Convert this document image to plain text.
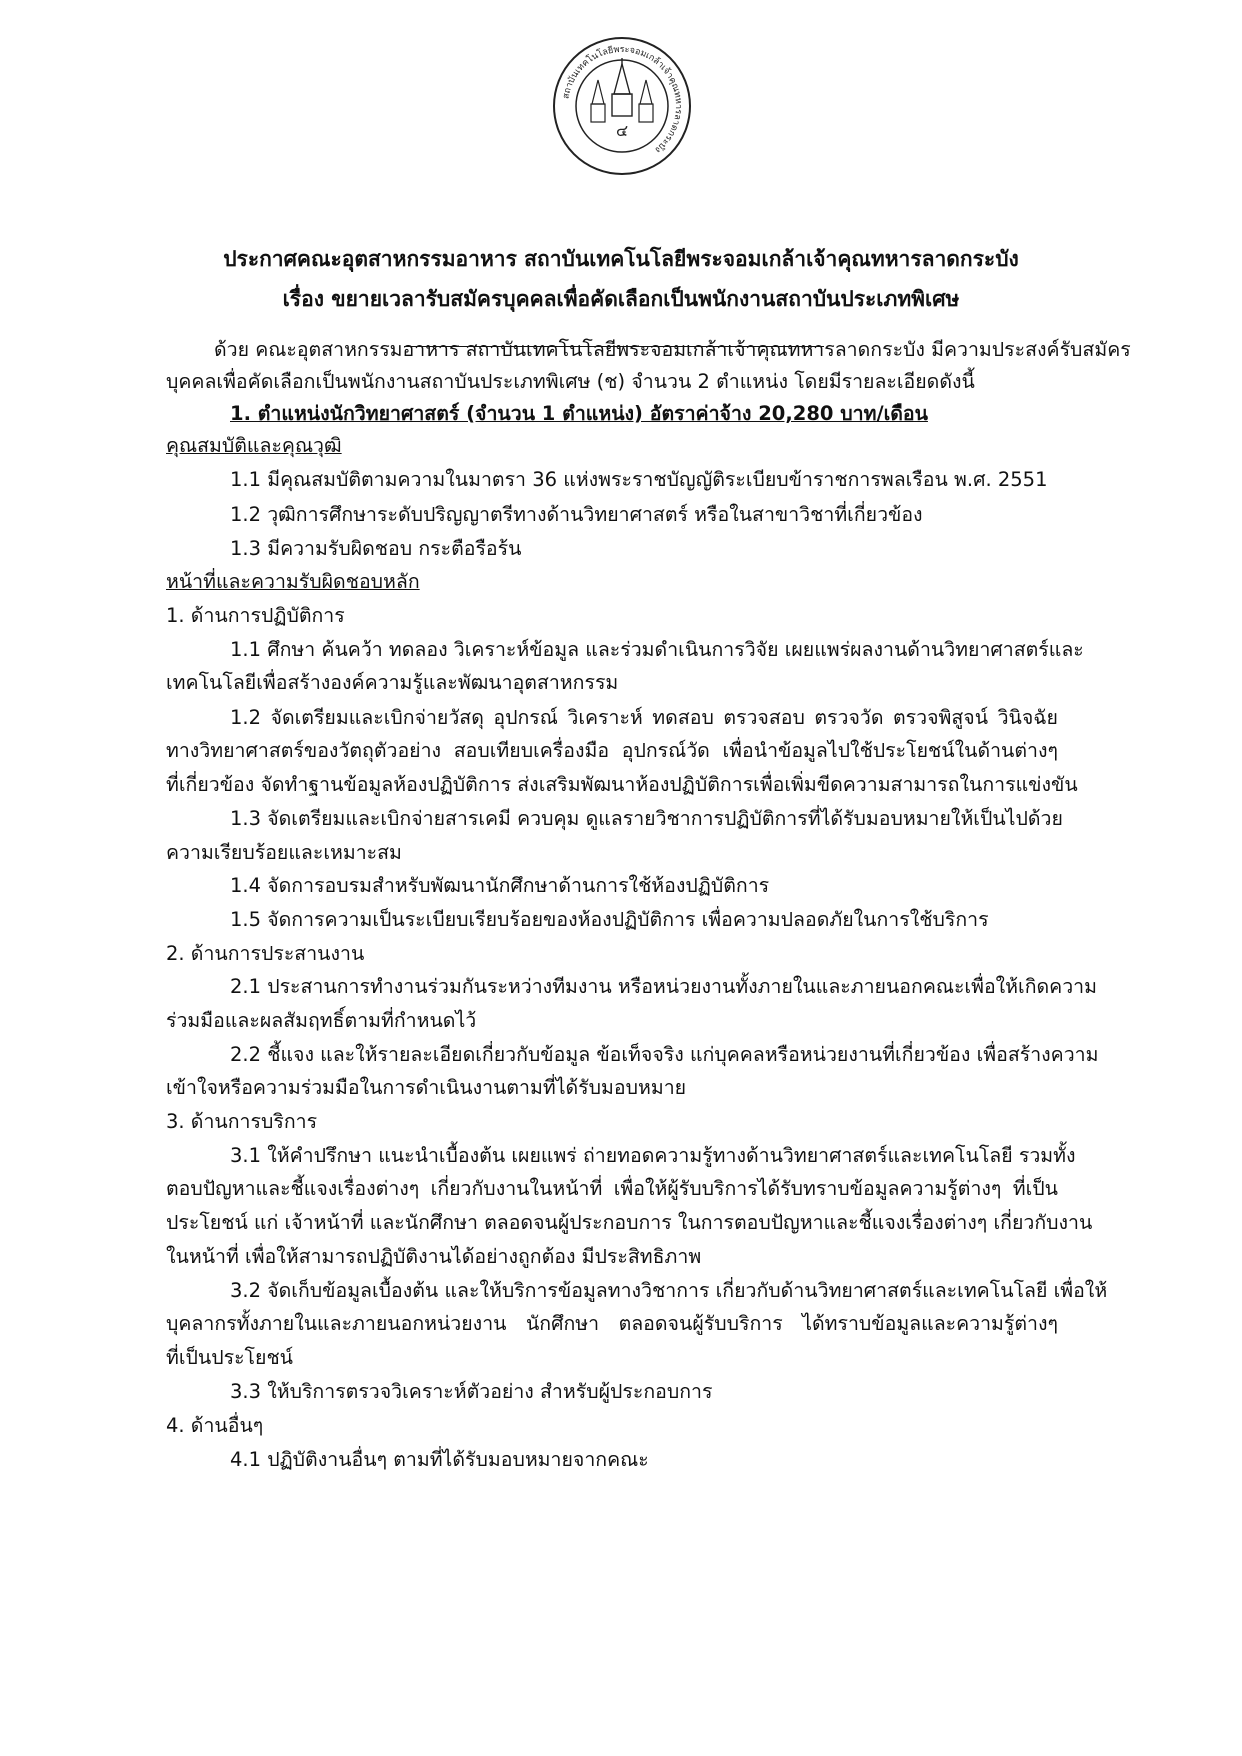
สถาบันเทคโนโลยีพระจอมเกล้าเจ้าคุณทหารลาดกระบัง
๔
ประกาศคณะอุตสาหกรรมอาหาร สถาบันเทคโนโลยีพระจอมเกล้าเจ้าคุณทหารลาดกระบัง
เรื่อง ขยายเวลารับสมัครบุคคลเพื่อคัดเลือกเป็นพนักงานสถาบันประเภทพิเศษ
ด้วย คณะอุตสาหกรรมอาหาร สถาบันเทคโนโลยีพระจอมเกล้าเจ้าคุณทหารลาดกระบัง มีความประสงค์รับสมัคร
บุคคลเพื่อคัดเลือกเป็นพนักงานสถาบันประเภทพิเศษ (ช) จำนวน 2 ตำแหน่ง โดยมีรายละเอียดดังนี้
1. ตำแหน่งนักวิทยาศาสตร์ (จำนวน 1 ตำแหน่ง) อัตราค่าจ้าง 20,280 บาท/เดือน
คุณสมบัติและคุณวุฒิ
1.1 มีคุณสมบัติตามความในมาตรา 36 แห่งพระราชบัญญัติระเบียบข้าราชการพลเรือน พ.ศ. 2551
1.2 วุฒิการศึกษาระดับปริญญาตรีทางด้านวิทยาศาสตร์ หรือในสาขาวิชาที่เกี่ยวข้อง
1.3 มีความรับผิดชอบ กระตือรือร้น
หน้าที่และความรับผิดชอบหลัก
1. ด้านการปฏิบัติการ
1.1 ศึกษา ค้นคว้า ทดลอง วิเคราะห์ข้อมูล และร่วมดำเนินการวิจัย เผยแพร่ผลงานด้านวิทยาศาสตร์และ
เทคโนโลยีเพื่อสร้างองค์ความรู้และพัฒนาอุตสาหกรรม
1.2 จัดเตรียมและเบิกจ่ายวัสดุ อุปกรณ์ วิเคราะห์ ทดสอบ ตรวจสอบ ตรวจวัด ตรวจพิสูจน์ วินิจฉัย
ทางวิทยาศาสตร์ของวัตถุตัวอย่าง สอบเทียบเครื่องมือ อุปกรณ์วัด เพื่อนำข้อมูลไปใช้ประโยชน์ในด้านต่างๆ
ที่เกี่ยวข้อง จัดทำฐานข้อมูลห้องปฏิบัติการ ส่งเสริมพัฒนาห้องปฏิบัติการเพื่อเพิ่มขีดความสามารถในการแข่งขัน
1.3 จัดเตรียมและเบิกจ่ายสารเคมี ควบคุม ดูแลรายวิชาการปฏิบัติการที่ได้รับมอบหมายให้เป็นไปด้วย
ความเรียบร้อยและเหมาะสม
1.4 จัดการอบรมสำหรับพัฒนานักศึกษาด้านการใช้ห้องปฏิบัติการ
1.5 จัดการความเป็นระเบียบเรียบร้อยของห้องปฏิบัติการ เพื่อความปลอดภัยในการใช้บริการ
2. ด้านการประสานงาน
2.1 ประสานการทำงานร่วมกันระหว่างทีมงาน หรือหน่วยงานทั้งภายในและภายนอกคณะเพื่อให้เกิดความ
ร่วมมือและผลสัมฤทธิ์ตามที่กำหนดไว้
2.2 ชี้แจง และให้รายละเอียดเกี่ยวกับข้อมูล ข้อเท็จจริง แก่บุคคลหรือหน่วยงานที่เกี่ยวข้อง เพื่อสร้างความ
เข้าใจหรือความร่วมมือในการดำเนินงานตามที่ได้รับมอบหมาย
3. ด้านการบริการ
3.1 ให้คำปรึกษา แนะนำเบื้องต้น เผยแพร่ ถ่ายทอดความรู้ทางด้านวิทยาศาสตร์และเทคโนโลยี รวมทั้ง
ตอบปัญหาและชี้แจงเรื่องต่างๆ เกี่ยวกับงานในหน้าที่ เพื่อให้ผู้รับบริการได้รับทราบข้อมูลความรู้ต่างๆ ที่เป็น
ประโยชน์ แก่ เจ้าหน้าที่ และนักศึกษา ตลอดจนผู้ประกอบการ ในการตอบปัญหาและชี้แจงเรื่องต่างๆ เกี่ยวกับงาน
ในหน้าที่ เพื่อให้สามารถปฏิบัติงานได้อย่างถูกต้อง มีประสิทธิภาพ
3.2 จัดเก็บข้อมูลเบื้องต้น และให้บริการข้อมูลทางวิชาการ เกี่ยวกับด้านวิทยาศาสตร์และเทคโนโลยี เพื่อให้
บุคลากรทั้งภายในและภายนอกหน่วยงาน นักศึกษา ตลอดจนผู้รับบริการ ได้ทราบข้อมูลและความรู้ต่างๆ
ที่เป็นประโยชน์
3.3 ให้บริการตรวจวิเคราะห์ตัวอย่าง สำหรับผู้ประกอบการ
4. ด้านอื่นๆ
4.1 ปฏิบัติงานอื่นๆ ตามที่ได้รับมอบหมายจากคณะ
